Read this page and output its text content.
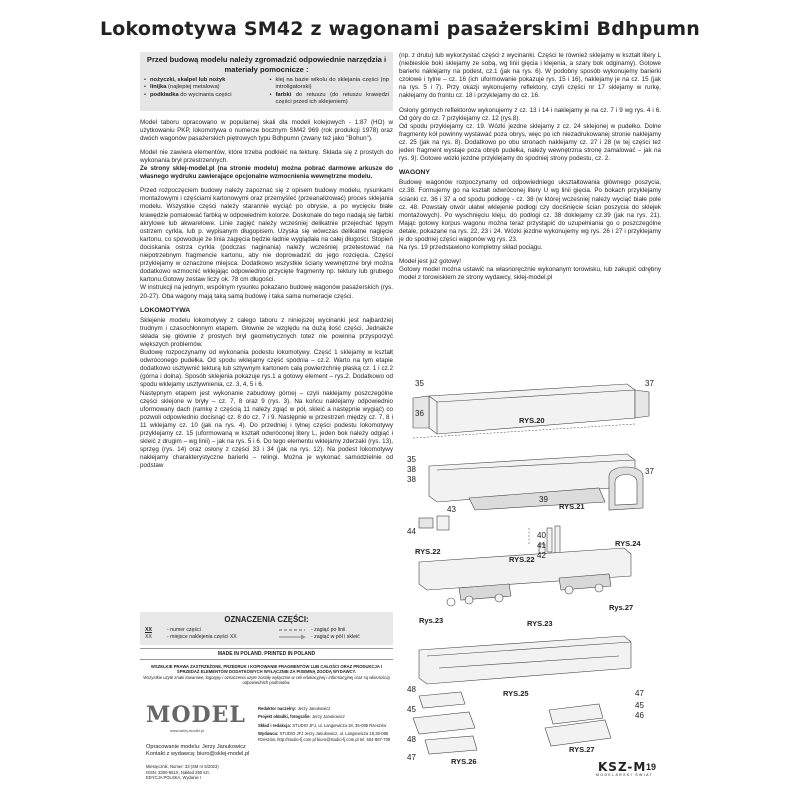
Lokomotywa SM42 z wagonami pasażerskimi Bdhpumn
Przed budową modelu należy zgromadzić odpowiednie narzędzia i materiały pomocnicze :
• nożyczki, skalpel lub nożyk
• linijka (najlepiej metalowa)
• podkładka do wycinania części
• klej na bazie wikolu do sklejania części (np introligatorski)
• farbki do retuszu (do retuszu krawędzi części przed ich sklejeniem)

Model taboru opracowano w popularnej skali dla modeli kolejowych - 1:87 (HO) w użytkowaniu PKP, lokomotywa o numerze bocznym SM42 969 (rok produkcji 1978) oraz dwóch wagonów pasażerskich piętrowych typu Bdhpumn (zwany też jako "Bohun").

Model nie zawiera elementów, które trzeba podkleić na tekturę. Składa się z prostych do wykonania brył przestrzennych.

Ze strony sklej-model.pl (na stronie modelu) można pobrać darmowe arkusze do własnego wydruku zawierające opcjonalne wzmocnienia wewnętrzne modelu.

Przed rozpoczęciem budowy należy zapoznać się z opisem budowy modelu, rysunkami montażowymi i częściami kartonowymi oraz przemyśleć (przeanalizować) proces sklejania modelu. Wszystkie części należy starannie wyciąć po obrysie, a po wycięciu białe krawędzie pomalować farbką w odpowiednim kolorze. Doskonale do tego nadają się farbki akrylowe lub akwarelowe. Linie zagięć należy wcześniej delikatnie przejechać tępym ostrzem cyrkla, lub p. wypisanym długopisem. Uzyska się wówczas delikatne nagięcie kartonu, co spowoduje że linia zagięcia będzie ładnie wyglądała na całej długości. Stopień dociskania ostrza cyrkla (podczas naginania) należy wcześniej przetestować na niepotrzebnym fragmencie kartonu, aby nie doprowadzić do jego rozcięcia. Części przyklejamy w oznaczone miejsca. Dodatkowo wszystkie ściany wewnętrzne brył można dodatkowo wzmocnić wklejając odpowiednio przycięte fragmenty np. tektury lub grubego kartonu.Gotowy zestaw liczy ok. 78 cm długości.

W instrukcji na jednym, wspólnym rysunku pokazano budowę wagonów pasażerskich (rys. 20-27). Oba wagony mają taką samą budowę i taka sama numeracje części.

LOKOMOTYWA

Sklejenie modelu lokomotywy z całego taboru z niniejszej wycinanki jest najbardziej trudnym i czasochłonnym etapem. Głownie ze względu na dużą ilość części. Jednakże składa się głównie z prostych brył geometrycznych toteż nie powinna przysporzyć większych problemów.

Budowę rozpoczynamy od wykonania podestu lokomotywy. Część 1 sklejamy w kształt odwróconego pudełka. Od spodu wklejamy część spodnia – cz.2. Warto na tym etapie dodatkowo usztywnić tekturą lub sztywnym kartonem całą powierzchnię płaską cz. 1 i cz.2 (górna i dolna). Sposób sklejenia pokazuje rys.1 a gotowy element – rys.2. Dodatkowo od spodu wklejamy usztywnienia, cz. 3, 4, 5 i 6.

Następnym etapem jest wykonanie zabudowy górnej – czyli naklejamy poszczególne części sklejone w bryły – cz. 7, 8 oraz 9 (rys. 3). Na końcu naklejamy odpowiednio uformowany dach (ramkę z częścią 11 należy zgiąć w pół, skleić a następnie wygiąć) co pozwoli odpowiednio docisnąć cz. 8 do cz. 7 i 9. Następnie w przestrzeń między cz. 7, 8 i 11 wklejamy cz. 10 (jak na rys. 4). Do przedniej i tylnej części podestu lokomotywy przyklejamy cz. 15 (uformowaną w kształt odwróconej litery L, jeden bok należy odgiąć i skleić z drugim – wg linii) – jak na rys. 5 i 6. Do tego elementu wklejamy zderzaki (rys. 13), sprzęg (rys. 14) oraz osłony z części 33 i 34 (jak na rys. 12). Na podest lokomotywy naklejamy charakterystyczne barierki – relingi. Można je wykonać samodzielnie od podstaw

OZNACZENIA CZĘŚCI:
XX	- numer części	- zagiąć po linii
XX	- miejsce naklejenia części XX	- zagiąć w pół i skleić
MADE IN POLAND. PRINTED IN POLAND
WSZELKIE PRAWA ZASTRZEŻONE. PRZEDRUK I KOPIOWANIE FRAGMENTÓW LUB CAŁOŚCI ORAZ PRODUKCJA I SPRZEDAŻ ELEMENTÓW DODATKOWYCH WYŁĄCZNIE ZA PISEMNĄ ZGODĄ WYDAWCY.
Wszystkie użyte znaki towarowe, logotypy i oznaczenia użyte zostały wyłącznie w celi edukacyjnej i informacyjnej oraz są własnością odpowiednich podmiotów.
MODEL
www.sklej-model.pl
Opracowanie modelu: Jerzy Janukowicz
Kontakt z wydawcą: biuro@sklej-model.pl
Miesięcznik, Numer: 33 (SM nr 5/2023)
ISSN: 2300-651X, Nakład 250 szt.
EDYCJA POLSKA, Wydanie I
Redaktor naczelny: Jerzy Janukowicz
Projekt okładki, fotografie: Jerzy Janukowicz
Skład i redakcja: STUDIO JFJ, ul. Langiewicza 18, 35-085 Rzeszów
Wydawca: STUDIO JFJ Jerzy Janukowicz, ul. Langiewicza 18,35-085 Rzeszów, http://studio-fj.com.pl biuro@studio-fj.com.pl tel. 504-887-709

(np. z drutu) lub wykorzystać części z wycinanki. Części te również sklejamy w kształt litery L (niebieskie boki sklejamy ze sobą, wg linii gięcia i klejenia, a szary bok odginamy). Gotowe barierki naklejamy na podest, cz.1 (jak na rys. 6). W podobny sposób wykonujemy barierki czołowe i tylne – cz. 16 (ich uformowanie pokazuje rys. 15 i 16), naklejamy je na cz. 15 (jak na rys. 5 i 7). Przy okazji wykonujemy reflektory, czyli części nr 17 sklejamy w rurkę, naklejamy do frontu cz. 18 i przyklejamy do cz. 16.

Osłony górnych reflektorów wykonujemy z cz. 13 i 14 i naklejamy je na cz. 7 i 9 wg rys. 4 i 6. Od góry do cz. 7 przyklejamy cz. 12 (rys.8).

Od spodu przyklejamy cz. 19. Wózki jezdne sklejamy z cz. 24 sklejonej w pudełko. Dolne fragmenty kół powinny wystawać poza obrys, więc po ich niezadrukowanej stronie naklejamy cz. 25 (jak na rys. 8). Dodatkowo po obu stronach naklejamy cz. 27 i 28 (w tej części też jeden fragment wystaje poza obręb pudełka, należy wewnętrzna stronę zamalować – jak na rys. 9). Gotowe wózki jezdne przyklejamy do spodniej strony podestu, cz. 2.

WAGONY

Budowę wagonów rozpoczynamy od odpowiedniego ukształtowania głównego poszycia, cz.38. Formujemy go na kształt odwróconej litery U wg linii gięcia. Po bokach przyklejamy ścianki cz. 36 i 37 a od spodu podłogę - cz. 38 (w której wcześniej należy wyciąć białe pole cz. 48. Powstały otwór ułatwi wklejenie podłogi czy dociśnięcie ścian poszycia do sklejek montażowych). Po wyschnięciu kleju, do podłogi cz. 38 doklejamy cz.39 (jak na rys. 21). Mając gotowy korpus wagonu można teraz przystąpić do uzupełniania go o poszczególne detale, pokazane na rys. 22, 23 i 24. Wózki jezdne wykonujemy wg rys. 26 i 27 i przyklejamy je do spodniej części wagonów wg rys. 23.

Na rys. 19 przedstawiono kompletny skład pociągu.

Model jest już gotowy!

Gotowy model można ustawić na własnoręcznie wykonanym torowisku, lub zakupić odrębny model z torowiskiem ze strony wydawcy, sklej-model.pl

RYS.20
RYS.21
RYS.22
RYS.24
RYS.22
RYS.23
Rys.27
Rys.23
RYS.25
RYS.26
RYS.27
35
36
37
38
37
35
38
39
43
44	40
41
42
45
46
47
48
45
47
48
KSZ-M
MODELARSKI ŚWIAT
19
